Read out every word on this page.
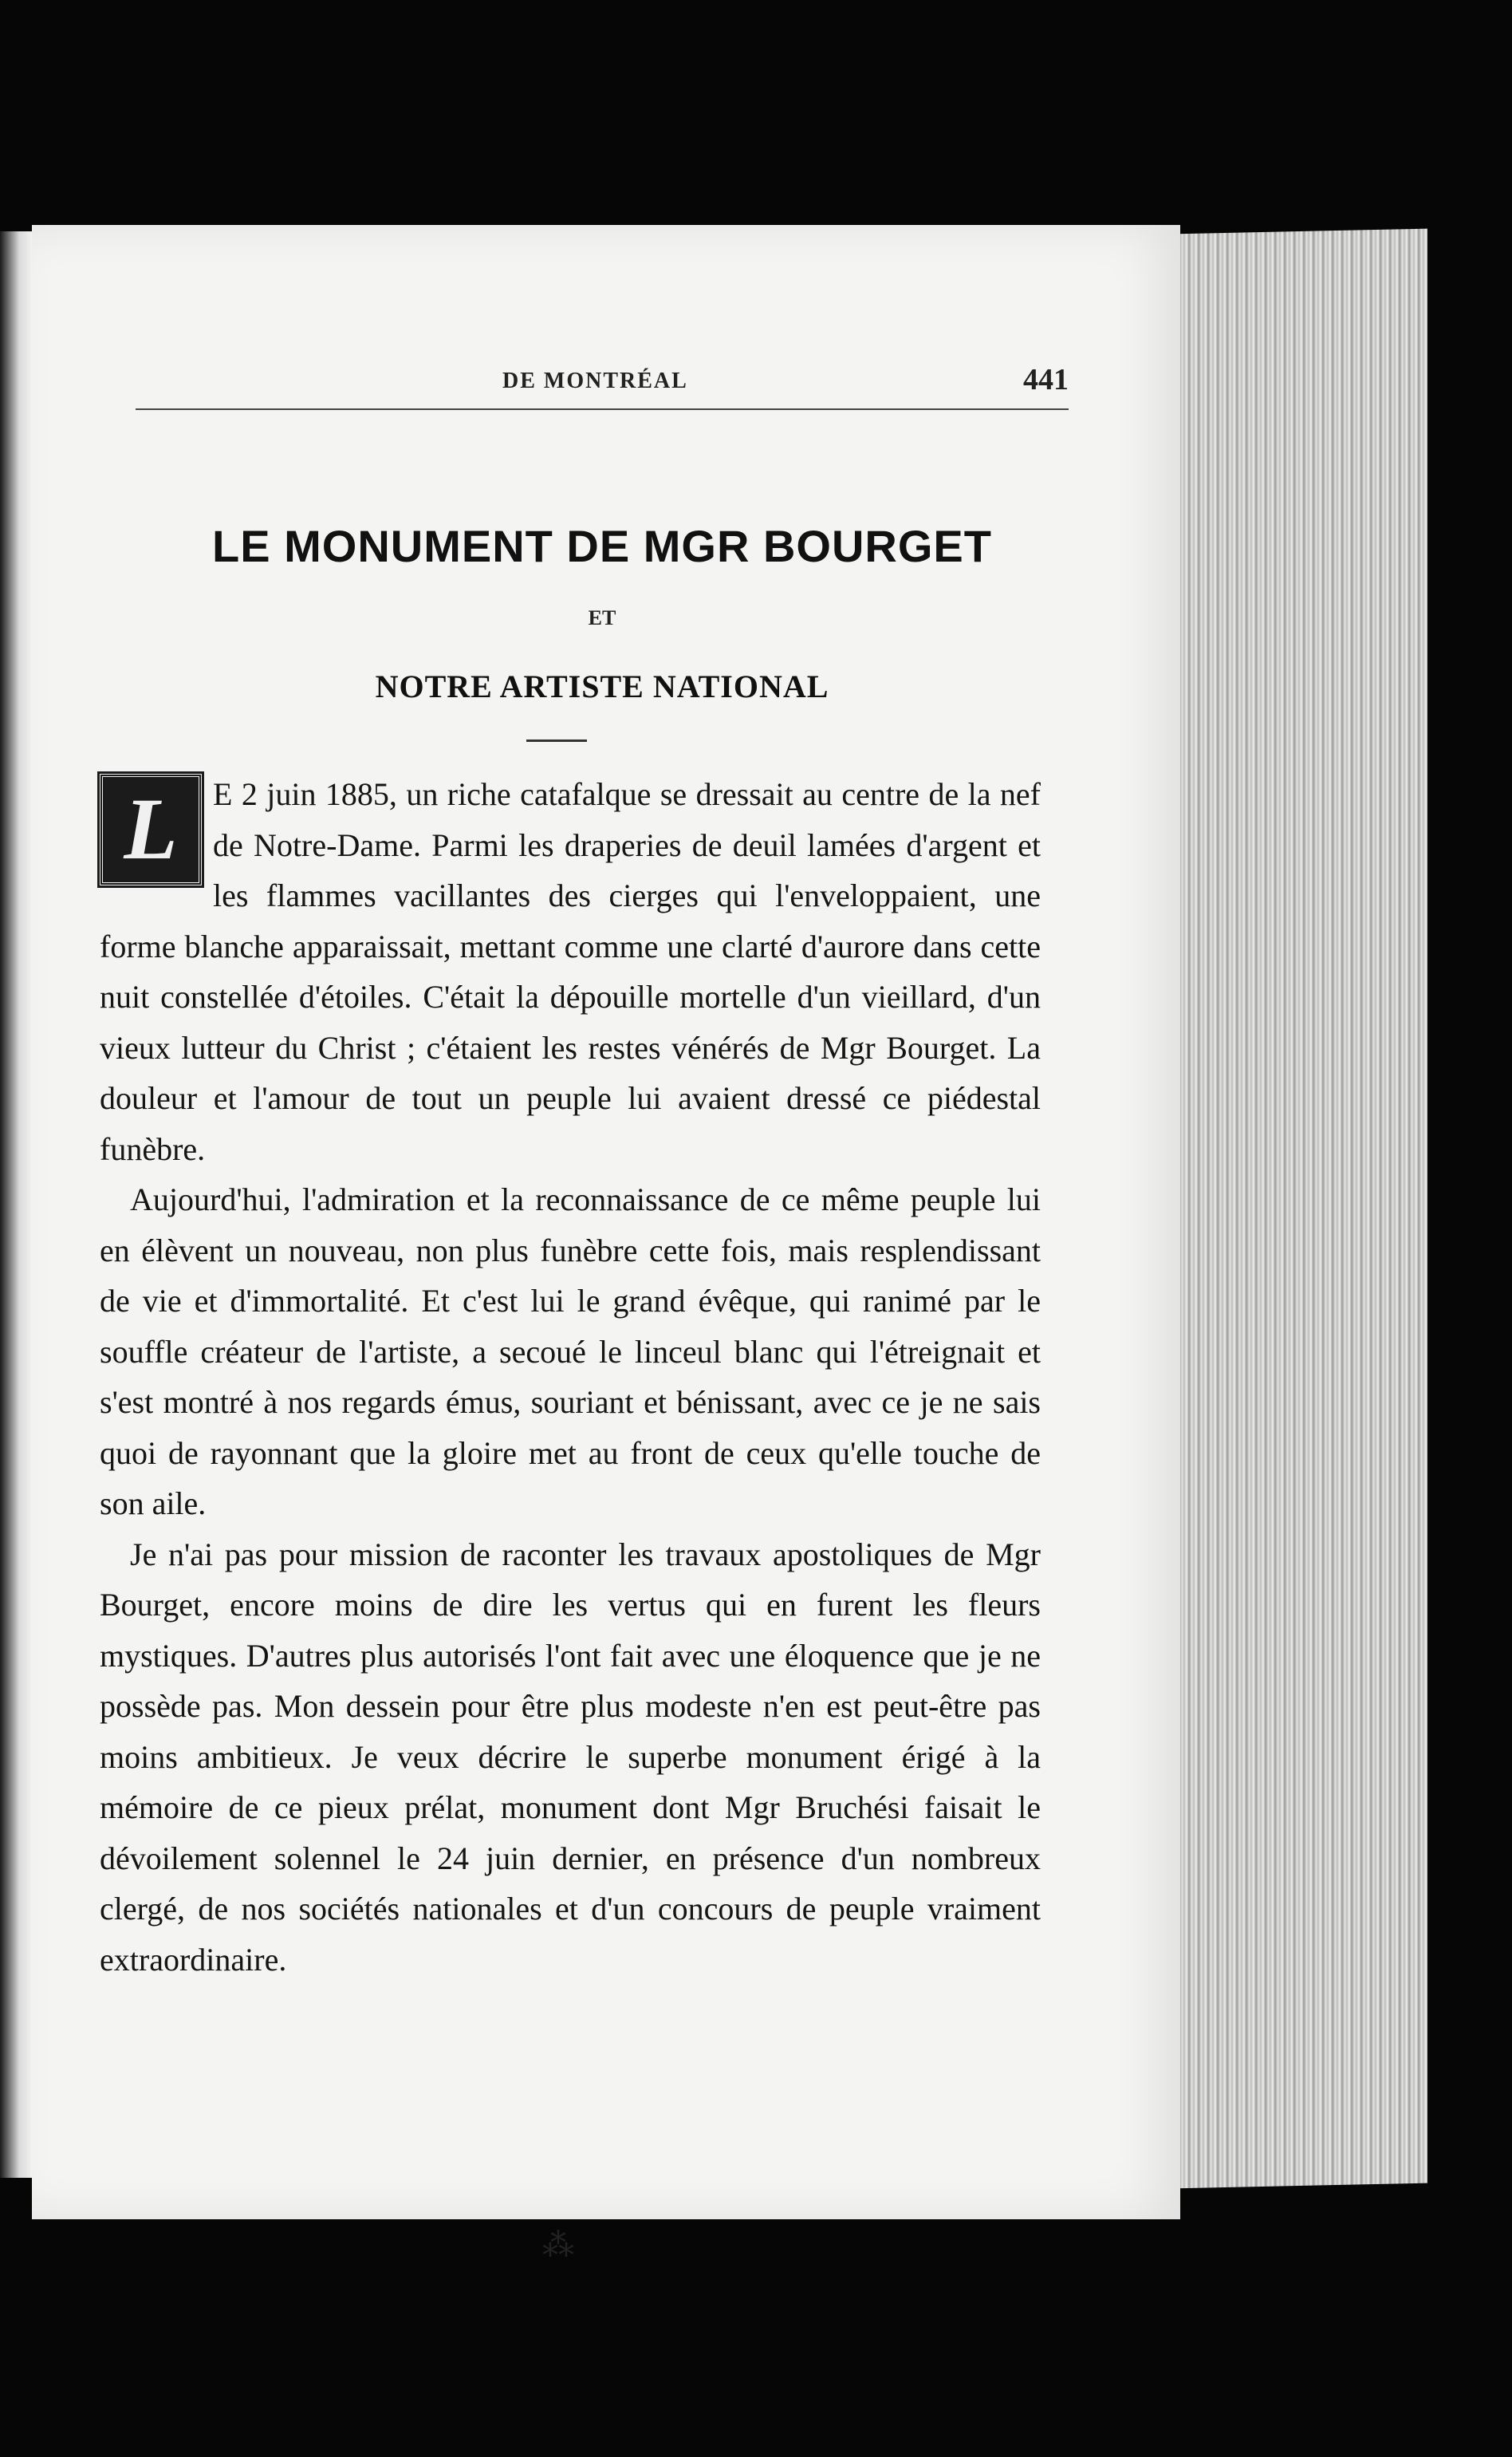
DE MONTRÉAL	441
LE MONUMENT DE MGR BOURGET
ET
NOTRE ARTISTE NATIONAL

L	E 2 juin 1885, un riche catafalque se dressait au centre de la nef de Notre-Dame. Parmi les draperies de deuil lamées d'argent et les flammes vacillantes des cierges qui l'enveloppaient, une forme blanche apparaissait, mettant comme une clarté d'aurore dans cette nuit constellée d'étoiles. C'était la dépouille mortelle d'un vieillard, d'un vieux lutteur du Christ ; c'étaient les restes vénérés de Mgr Bourget. La douleur et l'amour de tout un peuple lui avaient dressé ce piédestal funèbre.

Aujourd'hui, l'admiration et la reconnaissance de ce même peuple lui en élèvent un nouveau, non plus funèbre cette fois, mais resplendissant de vie et d'immortalité. Et c'est lui le grand évêque, qui ranimé par le souffle créateur de l'artiste, a secoué le linceul blanc qui l'étreignait et s'est montré à nos regards émus, souriant et bénissant, avec ce je ne sais quoi de rayonnant que la gloire met au front de ceux qu'elle touche de son aile.

Je n'ai pas pour mission de raconter les travaux apostoliques de Mgr Bourget, encore moins de dire les vertus qui en furent les fleurs mystiques. D'autres plus autorisés l'ont fait avec une éloquence que je ne possède pas. Mon dessein pour être plus modeste n'en est peut-être pas moins ambitieux. Je veux décrire le superbe monument érigé à la mémoire de ce pieux prélat, monument dont Mgr Bruchési faisait le dévoilement solennel le 24 juin dernier, en présence d'un nombreux clergé, de nos sociétés nationales et d'un concours de peuple vraiment extraordinaire.

⁂
